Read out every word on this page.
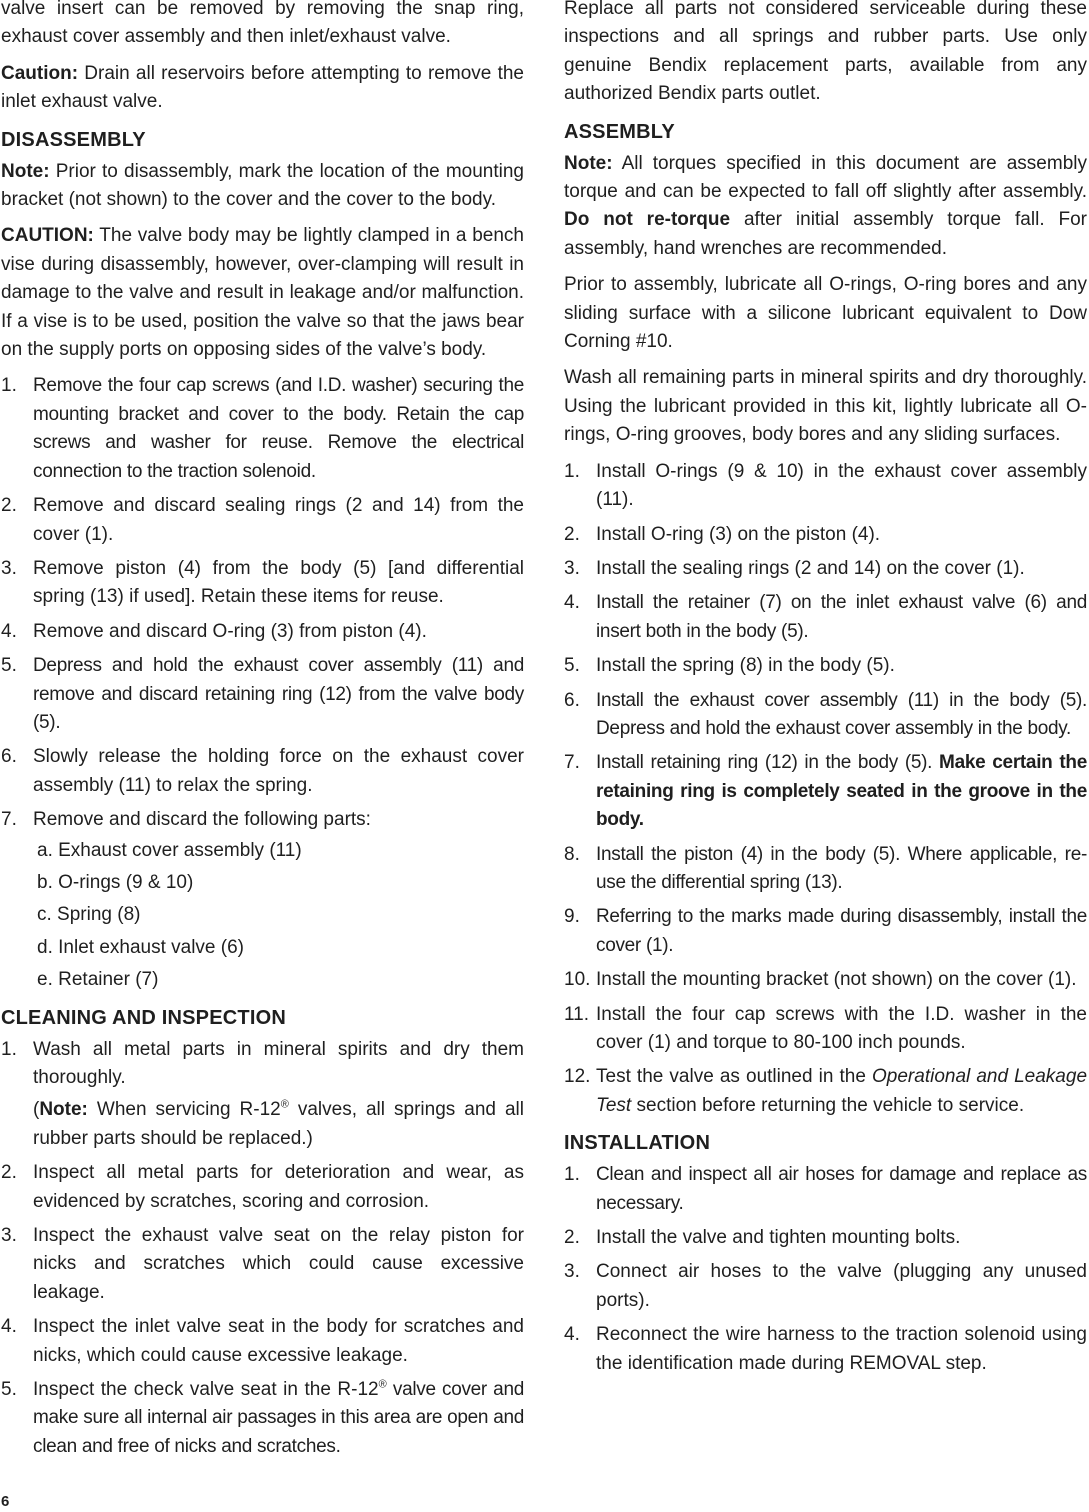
valve insert can be removed by removing the snap ring, exhaust cover assembly and then inlet/exhaust valve.

Caution: Drain all reservoirs before attempting to remove the inlet exhaust valve.

DISASSEMBLY

Note: Prior to disassembly, mark the location of the mounting bracket (not shown) to the cover and the cover to the body.

CAUTION: The valve body may be lightly clamped in a bench vise during disassembly, however, over-clamping will result in damage to the valve and result in leakage and/or malfunction. If a vise is to be used, position the valve so that the jaws bear on the supply ports on opposing sides of the valve’s body.

1. Remove the four cap screws (and I.D. washer) securing the mounting bracket and cover to the body. Retain the cap screws and washer for reuse. Remove the electrical connection to the traction solenoid.
2. Remove and discard sealing rings (2 and 14) from the cover (1).
3. Remove piston (4) from the body (5) [and differential spring (13) if used]. Retain these items for reuse.
4. Remove and discard O-ring (3) from piston (4).
5. Depress and hold the exhaust cover assembly (11) and remove and discard retaining ring (12) from the valve body (5).
6. Slowly release the holding force on the exhaust cover assembly (11) to relax the spring.
7. Remove and discard the following parts:
a. Exhaust cover assembly (11)
b. O-rings (9 & 10)
c. Spring (8)
d. Inlet exhaust valve (6)
e. Retainer (7)
CLEANING AND INSPECTION
1. Wash all metal parts in mineral spirits and dry them thoroughly.
(Note: When servicing R-12® valves, all springs and all rubber parts should be replaced.)
2. Inspect all metal parts for deterioration and wear, as evidenced by scratches, scoring and corrosion.
3. Inspect the exhaust valve seat on the relay piston for nicks and scratches which could cause excessive leakage.
4. Inspect the inlet valve seat in the body for scratches and nicks, which could cause excessive leakage.
5. Inspect the check valve seat in the R-12® valve cover and make sure all internal air passages in this area are open and clean and free of nicks and scratches.

Replace all parts not considered serviceable during these inspections and all springs and rubber parts. Use only genuine Bendix replacement parts, available from any authorized Bendix parts outlet.

ASSEMBLY

Note: All torques specified in this document are assembly torque and can be expected to fall off slightly after assembly. Do not re-torque after initial assembly torque fall. For assembly, hand wrenches are recommended.

Prior to assembly, lubricate all O-rings, O-ring bores and any sliding surface with a silicone lubricant equivalent to Dow Corning #10.

Wash all remaining parts in mineral spirits and dry thoroughly. Using the lubricant provided in this kit, lightly lubricate all O-rings, O-ring grooves, body bores and any sliding surfaces.

1. Install O-rings (9 & 10) in the exhaust cover assembly (11).
2. Install O-ring (3) on the piston (4).
3. Install the sealing rings (2 and 14) on the cover (1).
4. Install the retainer (7) on the inlet exhaust valve (6) and insert both in the body (5).
5. Install the spring (8) in the body (5).
6. Install the exhaust cover assembly (11) in the body (5). Depress and hold the exhaust cover assembly in the body.
7. Install retaining ring (12) in the body (5). Make certain the retaining ring is completely seated in the groove in the body.
8. Install the piston (4) in the body (5). Where applicable, re-use the differential spring (13).
9. Referring to the marks made during disassembly, install the cover (1).
10. Install the mounting bracket (not shown) on the cover (1).
11. Install the four cap screws with the I.D. washer in the cover (1) and torque to 80-100 inch pounds.
12. Test the valve as outlined in the Operational and Leakage Test section before returning the vehicle to service.
INSTALLATION
1. Clean and inspect all air hoses for damage and replace as necessary.
2. Install the valve and tighten mounting bolts.
3. Connect air hoses to the valve (plugging any unused ports).
4. Reconnect the wire harness to the traction solenoid using the identification made during REMOVAL step.
6
